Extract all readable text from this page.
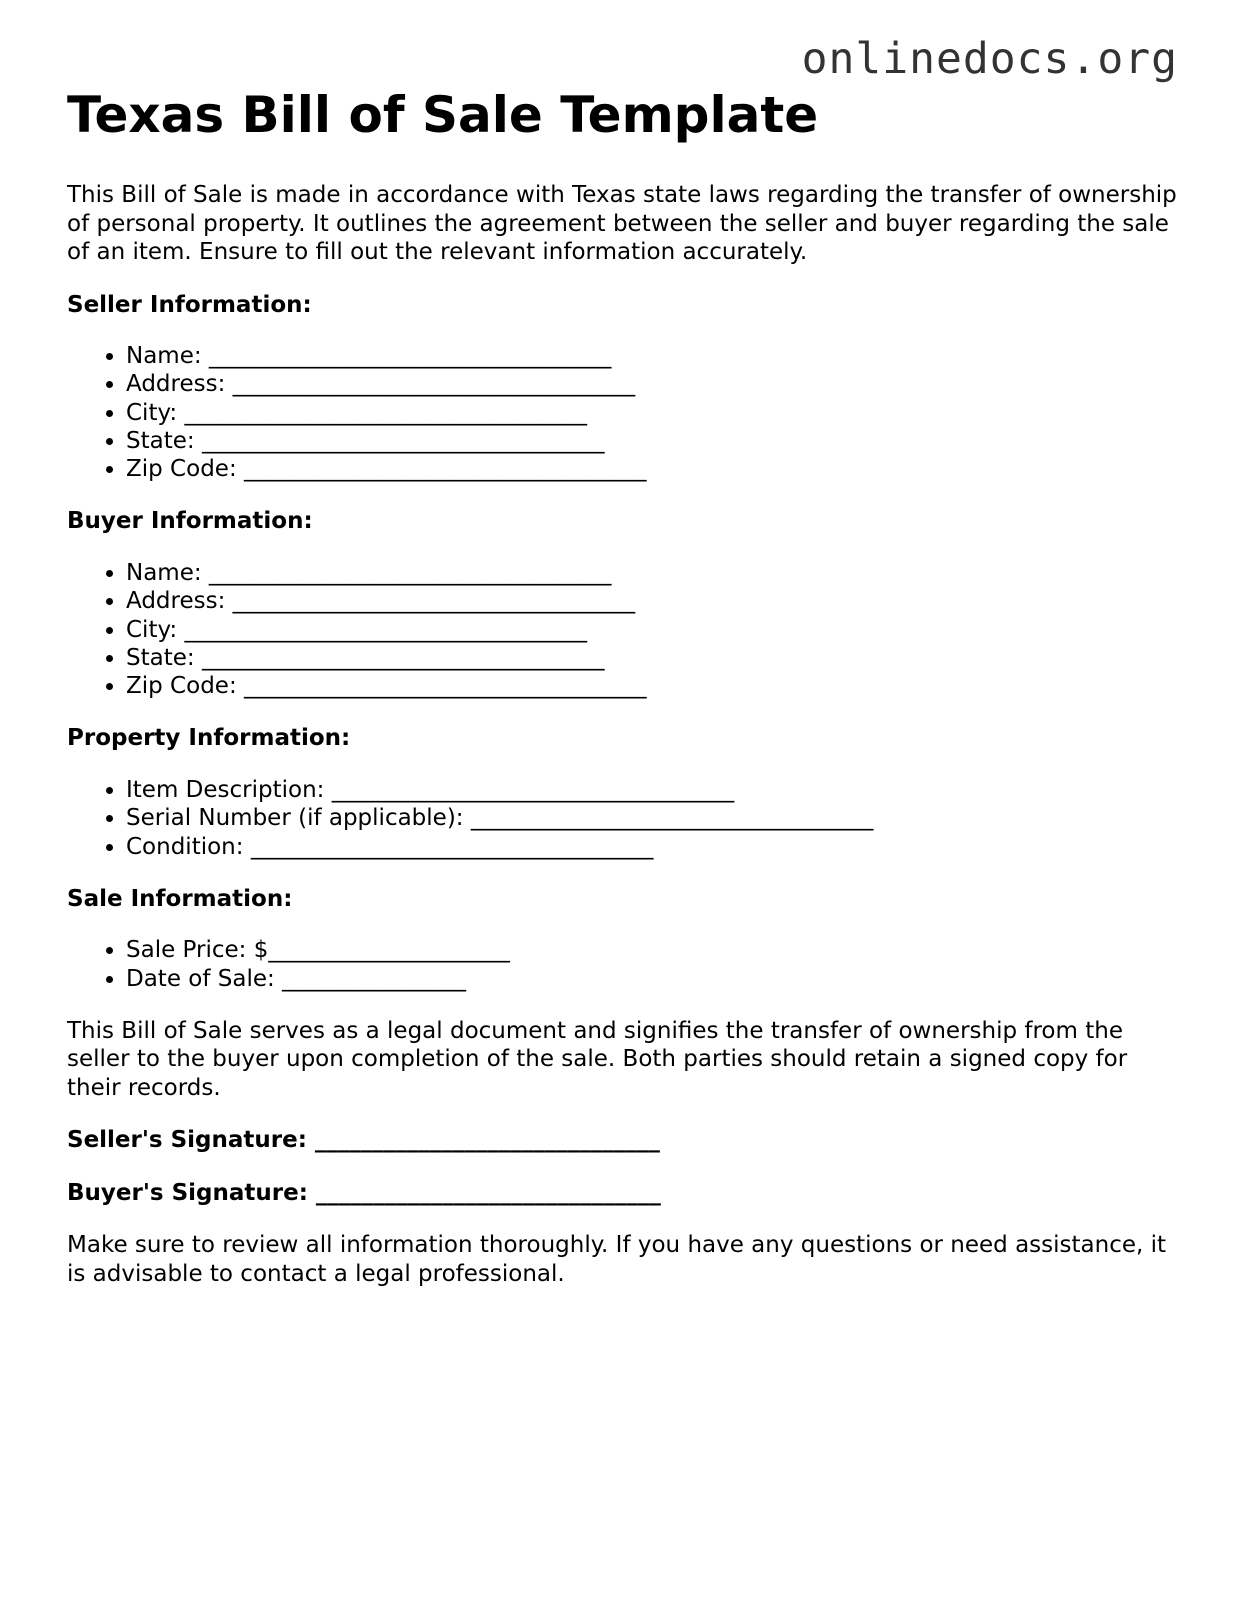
onlinedocs.org
Texas Bill of Sale Template

This Bill of Sale is made in accordance with Texas state laws regarding the transfer of ownership of personal property. It outlines the agreement between the seller and buyer regarding the sale of an item. Ensure to fill out the relevant information accurately.

Seller Information:
• Name: ___________________________________
• Address: ___________________________________
• City: ___________________________________
• State: ___________________________________
• Zip Code: ___________________________________
Buyer Information:
• Name: ___________________________________
• Address: ___________________________________
• City: ___________________________________
• State: ___________________________________
• Zip Code: ___________________________________
Property Information:
• Item Description: ___________________________________
• Serial Number (if applicable): ___________________________________
• Condition: ___________________________________
Sale Information:
• Sale Price: $_____________________
• Date of Sale: ________________

This Bill of Sale serves as a legal document and signifies the transfer of ownership from the seller to the buyer upon completion of the sale. Both parties should retain a signed copy for their records.

Seller's Signature: ______________________________
Buyer's Signature: ______________________________

Make sure to review all information thoroughly. If you have any questions or need assistance, it is advisable to contact a legal professional.
